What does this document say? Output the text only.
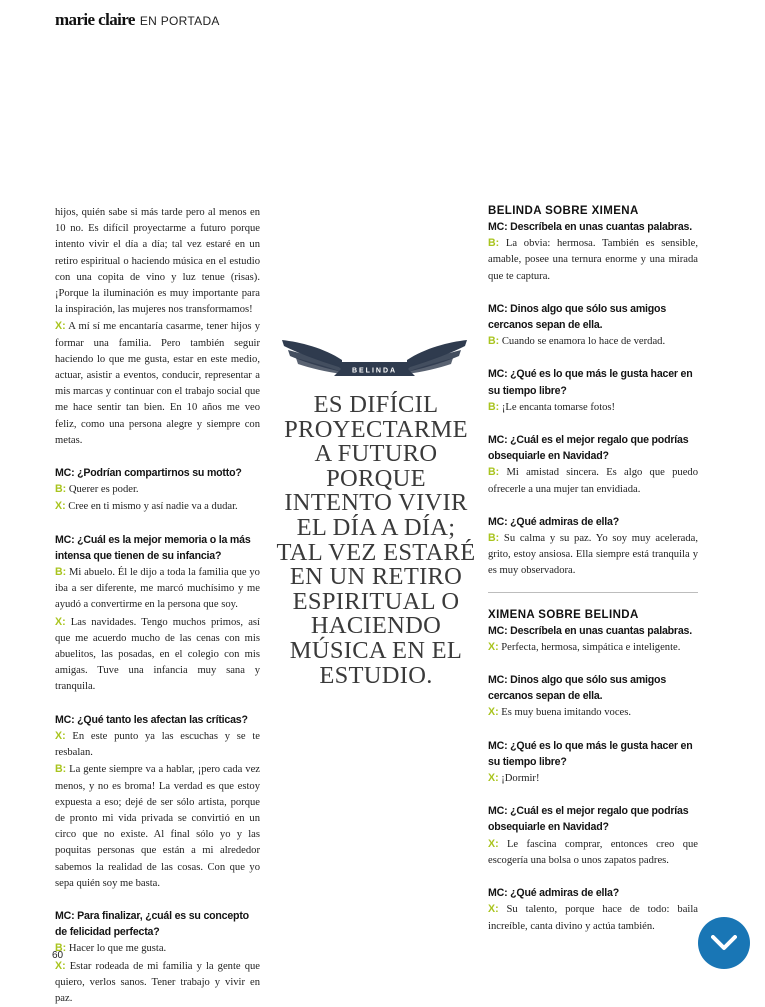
marie claire EN PORTADA

hijos, quién sabe si más tarde pero al menos en 10 no. Es difícil proyectarme a futuro porque intento vivir el día a día; tal vez estaré en un retiro espiritual o haciendo música en el estudio con una copita de vino y luz tenue (risas). ¡Porque la iluminación es muy importante para la inspiración, las mujeres nos transformamos!

X: A mí sí me encantaría casarme, tener hijos y formar una familia. Pero también seguir haciendo lo que me gusta, estar en este medio, actuar, asistir a eventos, conducir, representar a mis marcas y continuar con el trabajo social que me hace sentir tan bien. En 10 años me veo feliz, como una persona alegre y siempre con metas.

MC: ¿Podrían compartirnos su motto?

B: Querer es poder.

X: Cree en ti mismo y así nadie va a dudar.

MC: ¿Cuál es la mejor memoria o la más intensa que tienen de su infancia?

B: Mi abuelo. Él le dijo a toda la familia que yo iba a ser diferente, me marcó muchísimo y me ayudó a convertirme en la persona que soy.

X: Las navidades. Tengo muchos primos, así que me acuerdo mucho de las cenas con mis abuelitos, las posadas, en el colegio con mis amigas. Tuve una infancia muy sana y tranquila.

MC: ¿Qué tanto les afectan las críticas?

X: En este punto ya las escuchas y se te resbalan.

B: La gente siempre va a hablar, ¡pero cada vez menos, y no es broma! La verdad es que estoy expuesta a eso; dejé de ser sólo artista, porque de pronto mi vida privada se convirtió en un circo que no existe. Al final sólo yo y las poquitas personas que están a mi alrededor sabemos la realidad de las cosas. Con que yo sepa quién soy me basta.

MC: Para finalizar, ¿cuál es su concepto de felicidad perfecta?

B: Hacer lo que me gusta.

X: Estar rodeada de mi familia y la gente que quiero, verlos sanos. Tener trabajo y vivir en paz.

BELINDA
ES DIFÍCIL PROYECTARME A FUTURO PORQUE INTENTO VIVIR EL DÍA A DÍA; TAL VEZ ESTARÉ EN UN RETIRO ESPIRITUAL O HACIENDO MÚSICA EN EL ESTUDIO.

BELINDA SOBRE XIMENA

MC: Descríbela en unas cuantas palabras.

B: La obvia: hermosa. También es sensible, amable, posee una ternura enorme y una mirada que te captura.

MC: Dinos algo que sólo sus amigos cercanos sepan de ella.

B: Cuando se enamora lo hace de verdad.

MC: ¿Qué es lo que más le gusta hacer en su tiempo libre?

B: ¡Le encanta tomarse fotos!

MC: ¿Cuál es el mejor regalo que podrías obsequiarle en Navidad?

B: Mi amistad sincera. Es algo que puedo ofrecerle a una mujer tan envidiada.

MC: ¿Qué admiras de ella?

B: Su calma y su paz. Yo soy muy acelerada, grito, estoy ansiosa. Ella siempre está tranquila y es muy observadora.

XIMENA SOBRE BELINDA

MC: Descríbela en unas cuantas palabras.

X: Perfecta, hermosa, simpática e inteligente.

MC: Dinos algo que sólo sus amigos cercanos sepan de ella.

X: Es muy buena imitando voces.

MC: ¿Qué es lo que más le gusta hacer en su tiempo libre?

X: ¡Dormir!

MC: ¿Cuál es el mejor regalo que podrías obsequiarle en Navidad?

X: Le fascina comprar, entonces creo que escogería una bolsa o unos zapatos padres.

MC: ¿Qué admiras de ella?

X: Su talento, porque hace de todo: baila increíble, canta divino y actúa también.

60
